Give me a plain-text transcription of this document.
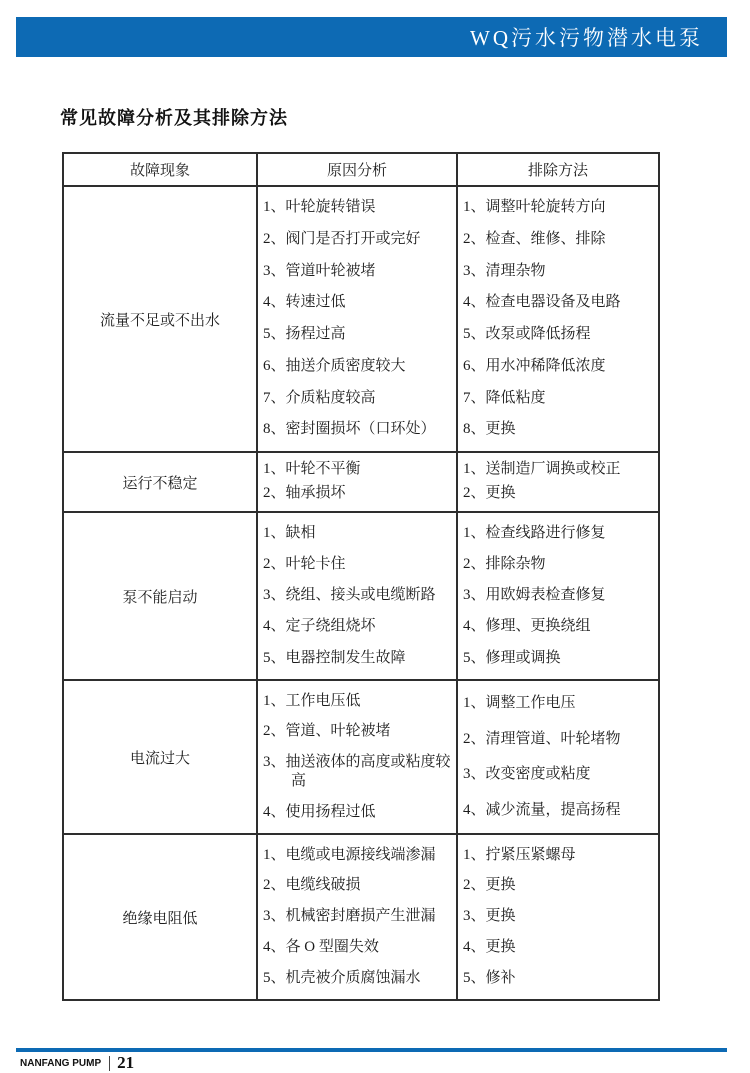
WQ污水污物潜水电泵
常见故障分析及其排除方法
故障现象	原因分析	排除方法
流量不足或不出水
1、叶轮旋转错误
2、阀门是否打开或完好
3、管道叶轮被堵
4、转速过低
5、扬程过高
6、抽送介质密度较大
7、介质粘度较高
8、密封圈损坏（口环处）
1、调整叶轮旋转方向
2、检查、维修、排除
3、清理杂物
4、检查电器设备及电路
5、改泵或降低扬程
6、用水冲稀降低浓度
7、降低粘度
8、更换
运行不稳定
1、叶轮不平衡
2、轴承损坏
1、送制造厂调换或校正
2、更换
泵不能启动
1、缺相
2、叶轮卡住
3、绕组、接头或电缆断路
4、定子绕组烧坏
5、电器控制发生故障
1、检查线路进行修复
2、排除杂物
3、用欧姆表检查修复
4、修理、更换绕组
5、修理或调换
电流过大
1、工作电压低
2、管道、叶轮被堵
3、抽送液体的高度或粘度较高
4、使用扬程过低
1、调整工作电压
2、清理管道、叶轮堵物
3、改变密度或粘度
4、减少流量，提高扬程
绝缘电阻低
1、电缆或电源接线端渗漏
2、电缆线破损
3、机械密封磨损产生泄漏
4、各 O 型圈失效
5、机壳被介质腐蚀漏水
1、拧紧压紧螺母
2、更换
3、更换
4、更换
5、修补
NANFANG PUMP 21
